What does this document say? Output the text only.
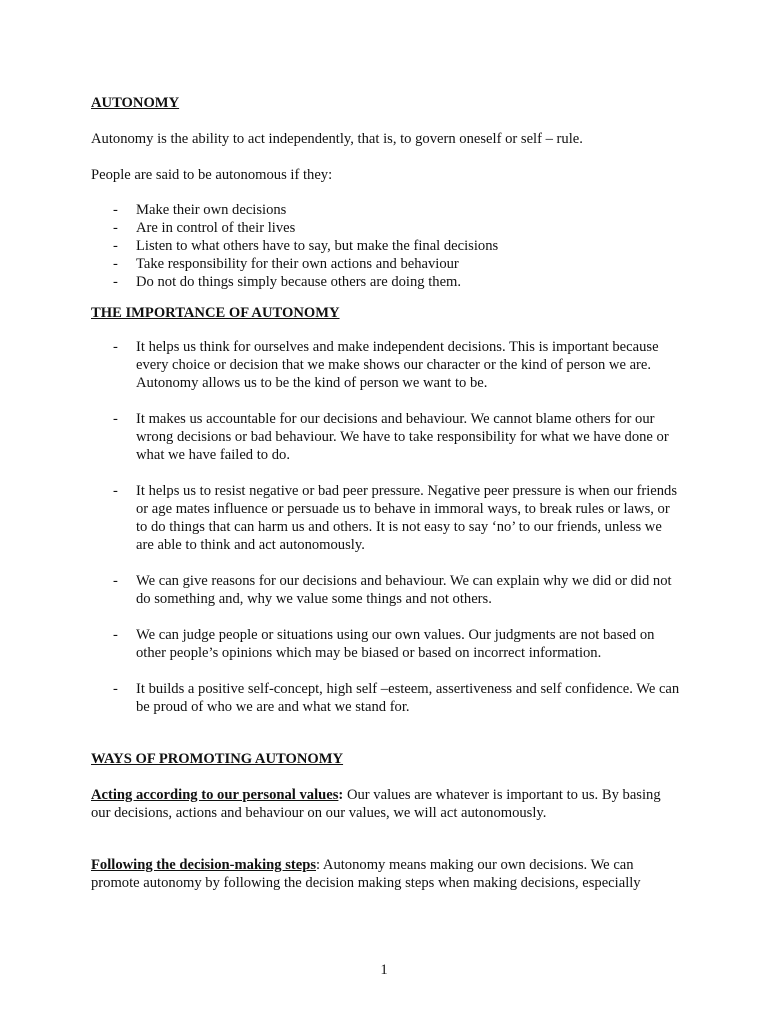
AUTONOMY

Autonomy is the ability to act independently, that is, to govern oneself or self – rule.

People are said to be autonomous if they:

- Make their own decisions
- Are in control of their lives
- Listen to what others have to say, but make the final decisions
- Take responsibility for their own actions and behaviour
- Do not do things simply because others are doing them.

THE IMPORTANCE OF AUTONOMY

- It helps us think for ourselves and make independent decisions. This is important because every choice or decision that we make shows our character or the kind of person we are. Autonomy allows us to be the kind of person we want to be.
- It makes us accountable for our decisions and behaviour. We cannot blame others for our wrong decisions or bad behaviour. We have to take responsibility for what we have done or what we have failed to do.
- It helps us to resist negative or bad peer pressure. Negative peer pressure is when our friends or age mates influence or persuade us to behave in immoral ways, to break rules or laws, or to do things that can harm us and others. It is not easy to say ‘no’ to our friends, unless we are able to think and act autonomously.
- We can give reasons for our decisions and behaviour. We can explain why we did or did not do something and, why we value some things and not others.
- We can judge people or situations using our own values. Our judgments are not based on other people’s opinions which may be biased or based on incorrect information.
- It builds a positive self-concept, high self –esteem, assertiveness and self confidence. We can be proud of who we are and what we stand for.

WAYS OF PROMOTING AUTONOMY

Acting according to our personal values: Our values are whatever is important to us. By basing our decisions, actions and behaviour on our values, we will act autonomously.

Following the decision-making steps: Autonomy means making our own decisions. We can promote autonomy by following the decision making steps when making decisions, especially

1
